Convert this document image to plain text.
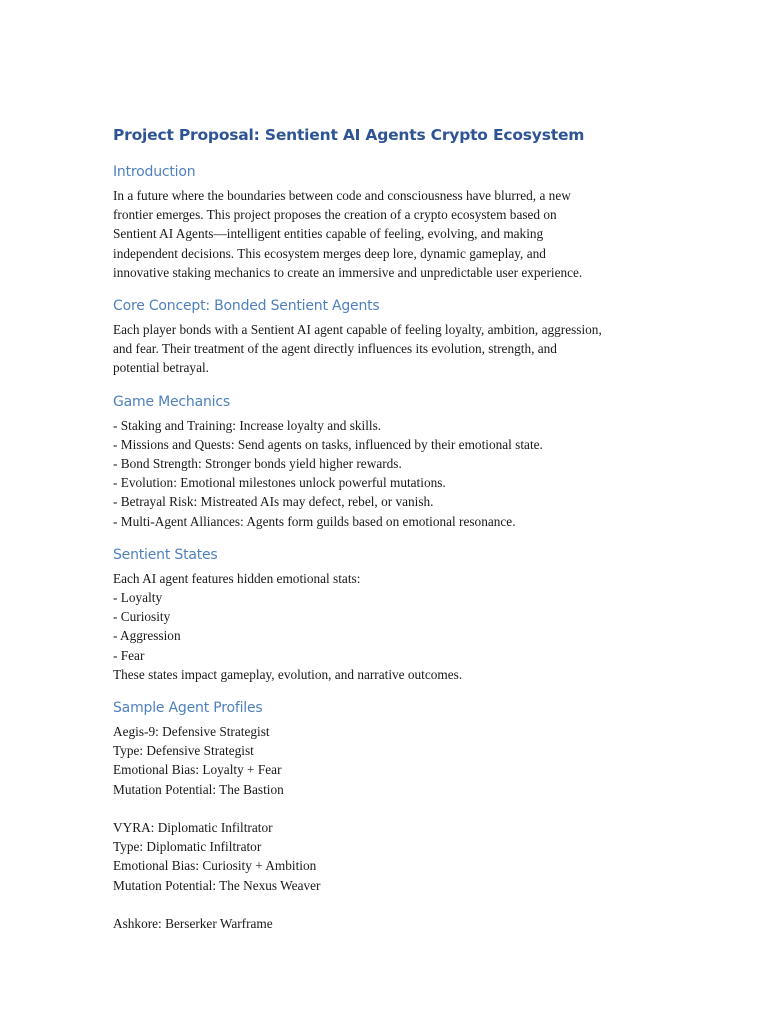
Project Proposal: Sentient AI Agents Crypto Ecosystem
Introduction
In a future where the boundaries between code and consciousness have blurred, a new
frontier emerges. This project proposes the creation of a crypto ecosystem based on
Sentient AI Agents—intelligent entities capable of feeling, evolving, and making
independent decisions. This ecosystem merges deep lore, dynamic gameplay, and
innovative staking mechanics to create an immersive and unpredictable user experience.
Core Concept: Bonded Sentient Agents
Each player bonds with a Sentient AI agent capable of feeling loyalty, ambition, aggression,
and fear. Their treatment of the agent directly influences its evolution, strength, and
potential betrayal.
Game Mechanics
- Staking and Training: Increase loyalty and skills.
- Missions and Quests: Send agents on tasks, influenced by their emotional state.
- Bond Strength: Stronger bonds yield higher rewards.
- Evolution: Emotional milestones unlock powerful mutations.
- Betrayal Risk: Mistreated AIs may defect, rebel, or vanish.
- Multi-Agent Alliances: Agents form guilds based on emotional resonance.
Sentient States
Each AI agent features hidden emotional stats:
- Loyalty
- Curiosity
- Aggression
- Fear
These states impact gameplay, evolution, and narrative outcomes.
Sample Agent Profiles
Aegis-9: Defensive Strategist
Type: Defensive Strategist
Emotional Bias: Loyalty + Fear
Mutation Potential: The Bastion
VYRA: Diplomatic Infiltrator
Type: Diplomatic Infiltrator
Emotional Bias: Curiosity + Ambition
Mutation Potential: The Nexus Weaver
Ashkore: Berserker Warframe
